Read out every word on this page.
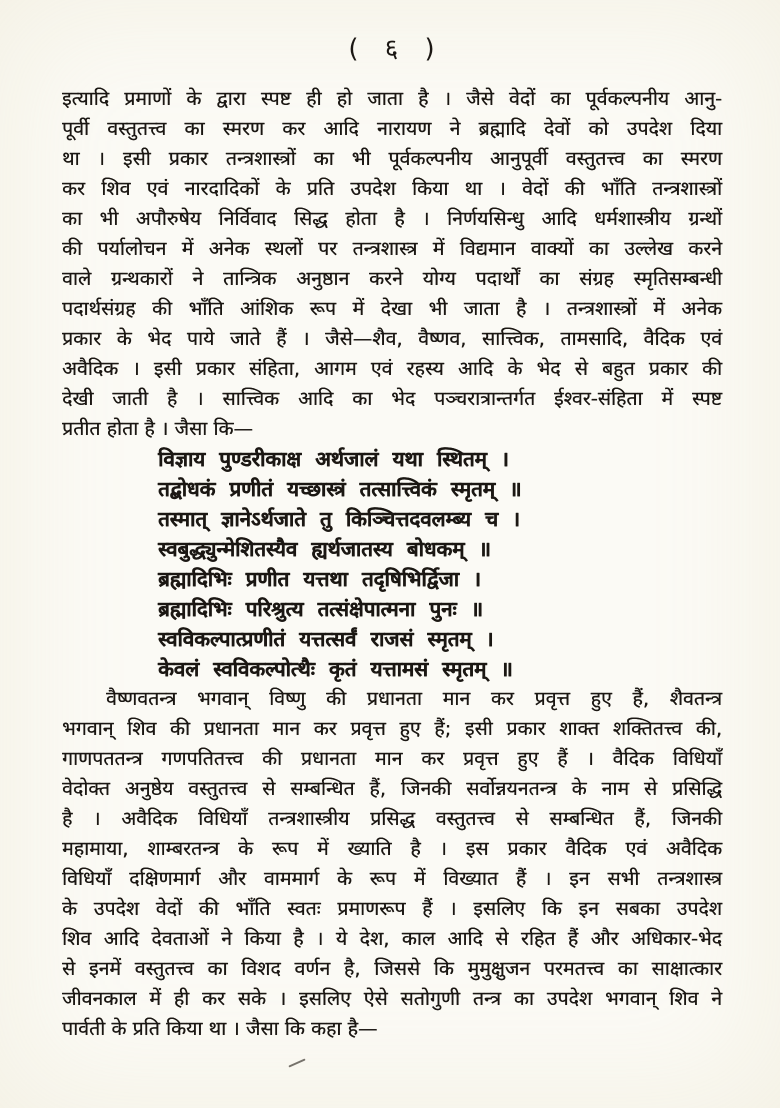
( ६ )
इत्यादि प्रमाणों के द्वारा स्पष्ट ही हो जाता है । जैसे वेदों का पूर्वकल्पनीय आनु-
पूर्वी वस्तुतत्त्व का स्मरण कर आदि नारायण ने ब्रह्मादि देवों को उपदेश दिया
था । इसी प्रकार तन्त्रशास्त्रों का भी पूर्वकल्पनीय आनुपूर्वी वस्तुतत्त्व का स्मरण
कर शिव एवं नारदादिकों के प्रति उपदेश किया था । वेदों की भाँति तन्त्रशास्त्रों
का भी अपौरुषेय निर्विवाद सिद्ध होता है । निर्णयसिन्धु आदि धर्मशास्त्रीय ग्रन्थों
की पर्यालोचन में अनेक स्थलों पर तन्त्रशास्त्र में विद्यमान वाक्यों का उल्लेख करने
वाले ग्रन्थकारों ने तान्त्रिक अनुष्ठान करने योग्य पदार्थों का संग्रह स्मृतिसम्बन्धी
पदार्थसंग्रह की भाँति आंशिक रूप में देखा भी जाता है । तन्त्रशास्त्रों में अनेक
प्रकार के भेद पाये जाते हैं । जैसे—शैव, वैष्णव, सात्त्विक, तामसादि, वैदिक एवं
अवैदिक । इसी प्रकार संहिता, आगम एवं रहस्य आदि के भेद से बहुत प्रकार की
देखी जाती है । सात्त्विक आदि का भेद पञ्चरात्रान्तर्गत ईश्वर-संहिता में स्पष्ट
प्रतीत होता है । जैसा कि—
विज्ञाय पुण्डरीकाक्ष अर्थजालं यथा स्थितम् ।
तद्बोधकं प्रणीतं यच्छास्त्रं तत्सात्त्विकं स्मृतम् ॥
तस्मात् ज्ञानेऽर्थजाते तु किञ्चित्तदवलम्ब्य च ।
स्वबुद्ध्युन्मेशितस्यैव ह्यर्थजातस्य बोधकम् ॥
ब्रह्मादिभिः प्रणीत यत्तथा तदृषिभिर्द्विजा ।
ब्रह्मादिभिः परिश्रुत्य तत्संक्षेपात्मना पुनः ॥
स्वविकल्पात्प्रणीतं यत्तत्सर्वं राजसं स्मृतम् ।
केवलं स्वविकल्पोत्थैः कृतं यत्तामसं स्मृतम् ॥
वैष्णवतन्त्र भगवान् विष्णु की प्रधानता मान कर प्रवृत्त हुए हैं, शैवतन्त्र
भगवान् शिव की प्रधानता मान कर प्रवृत्त हुए हैं; इसी प्रकार शाक्त शक्तितत्त्व की,
गाणपततन्त्र गणपतितत्त्व की प्रधानता मान कर प्रवृत्त हुए हैं । वैदिक विधियाँ
वेदोक्त अनुष्ठेय वस्तुतत्त्व से सम्बन्धित हैं, जिनकी सर्वोन्नयनतन्त्र के नाम से प्रसिद्धि
है । अवैदिक विधियाँ तन्त्रशास्त्रीय प्रसिद्ध वस्तुतत्त्व से सम्बन्धित हैं, जिनकी
महामाया, शाम्बरतन्त्र के रूप में ख्याति है । इस प्रकार वैदिक एवं अवैदिक
विधियाँ दक्षिणमार्ग और वाममार्ग के रूप में विख्यात हैं । इन सभी तन्त्रशास्त्र
के उपदेश वेदों की भाँति स्वतः प्रमाणरूप हैं । इसलिए कि इन सबका उपदेश
शिव आदि देवताओं ने किया है । ये देश, काल आदि से रहित हैं और अधिकार-भेद
से इनमें वस्तुतत्त्व का विशद वर्णन है, जिससे कि मुमुक्षुजन परमतत्त्व का साक्षात्कार
जीवनकाल में ही कर सके । इसलिए ऐसे सतोगुणी तन्त्र का उपदेश भगवान् शिव ने
पार्वती के प्रति किया था । जैसा कि कहा है—
